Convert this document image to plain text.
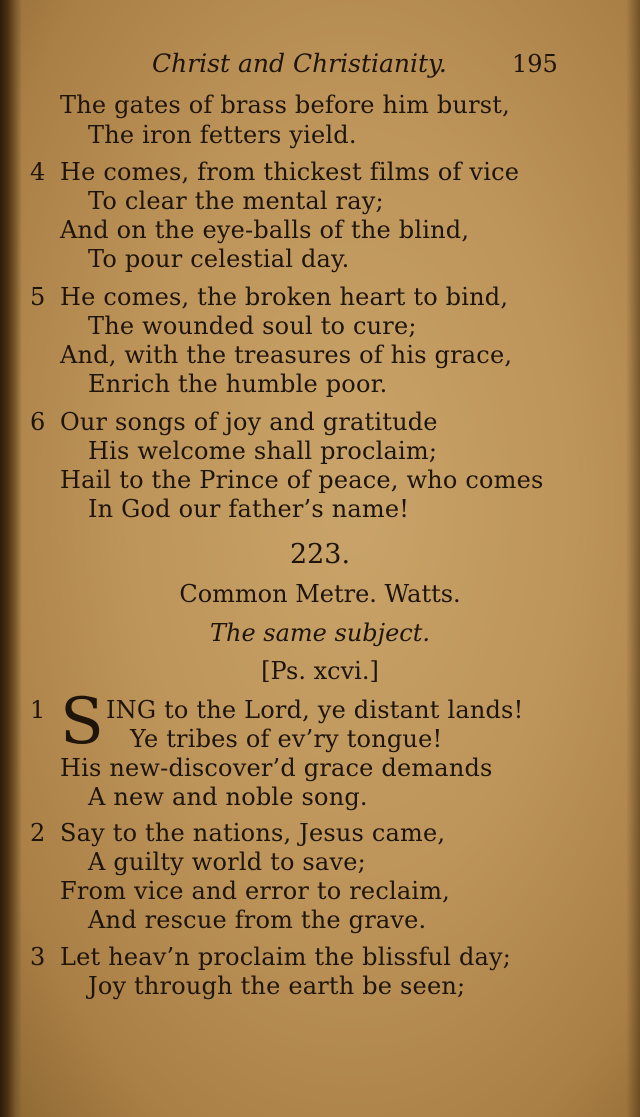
Christ and Christianity.	195
The gates of brass before him burst,
The iron fetters yield.
4 He comes, from thickest films of vice
To clear the mental ray;
And on the eye-balls of the blind,
To pour celestial day.
5 He comes, the broken heart to bind,
The wounded soul to cure;
And, with the treasures of his grace,
Enrich the humble poor.
6 Our songs of joy and gratitude
His welcome shall proclaim;
Hail to the Prince of peace, who comes
In God our father’s name!
223.
Common Metre. Watts.
The same subject.
[Ps. xcvi.]
1 S ING to the Lord, ye distant lands!
Ye tribes of ev’ry tongue!
His new-discover’d grace demands
A new and noble song.
2 Say to the nations, Jesus came,
A guilty world to save;
From vice and error to reclaim,
And rescue from the grave.
3 Let heav’n proclaim the blissful day;
Joy through the earth be seen;
